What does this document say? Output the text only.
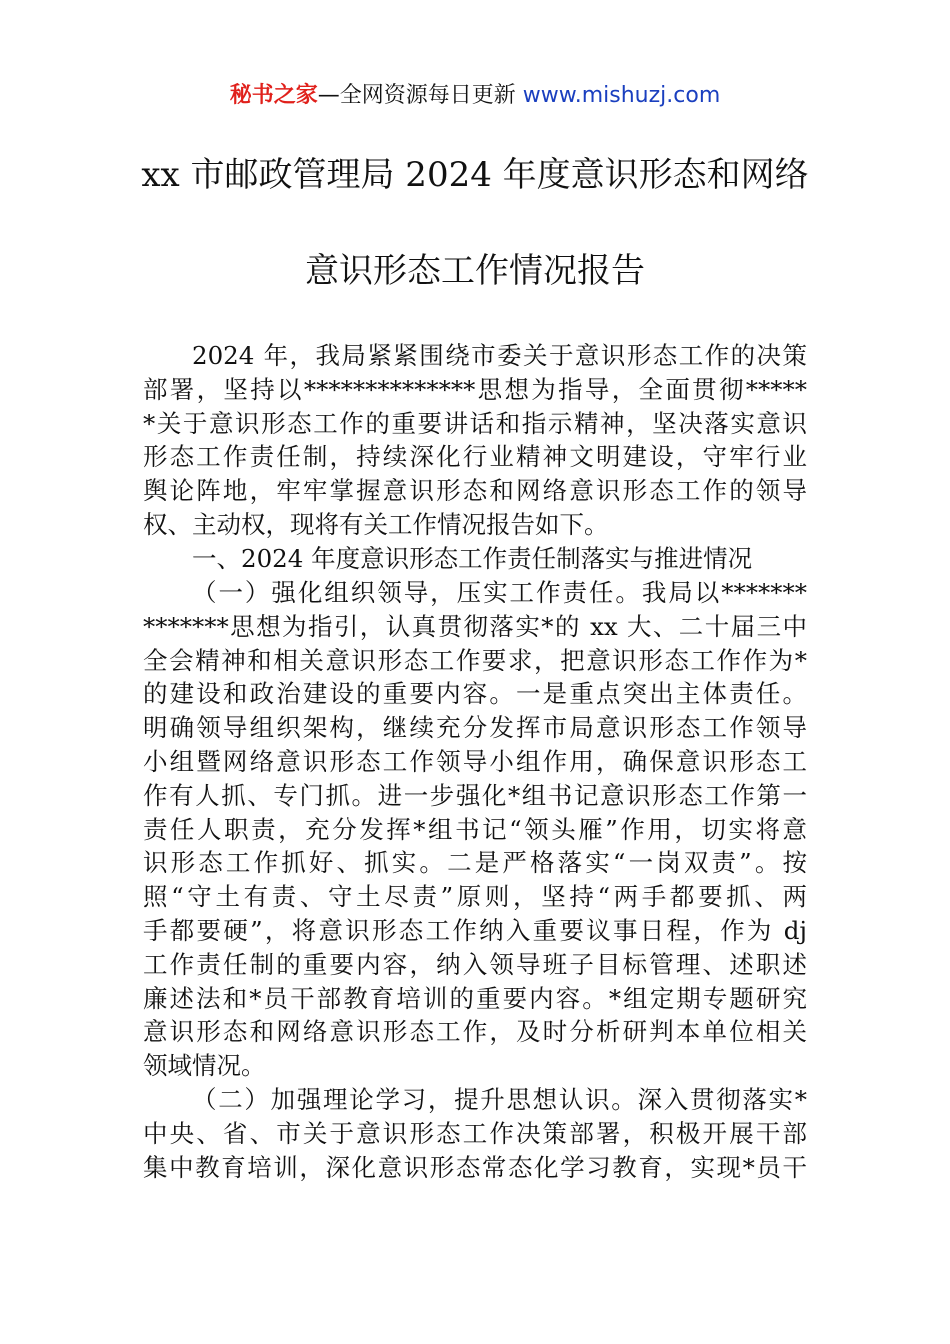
秘书之家—全网资源每日更新 www.mishuzj.com
xx 市邮政管理局 2024 年度意识形态和网络
意识形态工作情况报告
2024 年，我局紧紧围绕市委关于意识形态工作的决策
部署，坚持以**************思想为指导，全面贯彻*****
*关于意识形态工作的重要讲话和指示精神，坚决落实意识
形态工作责任制，持续深化行业精神文明建设，守牢行业
舆论阵地，牢牢掌握意识形态和网络意识形态工作的领导
权、主动权，现将有关工作情况报告如下。
一、2024 年度意识形态工作责任制落实与推进情况
（一）强化组织领导，压实工作责任。我局以*******
*******思想为指引，认真贯彻落实*的 xx 大、二十届三中
全会精神和相关意识形态工作要求，把意识形态工作作为*
的建设和政治建设的重要内容。一是重点突出主体责任。
明确领导组织架构，继续充分发挥市局意识形态工作领导
小组暨网络意识形态工作领导小组作用，确保意识形态工
作有人抓、专门抓。进一步强化*组书记意识形态工作第一
责任人职责，充分发挥*组书记“领头雁”作用，切实将意
识形态工作抓好、抓实。二是严格落实“一岗双责”。按
照“守土有责、守土尽责”原则，坚持“两手都要抓、两
手都要硬”，将意识形态工作纳入重要议事日程，作为 dj
工作责任制的重要内容，纳入领导班子目标管理、述职述
廉述法和*员干部教育培训的重要内容。*组定期专题研究
意识形态和网络意识形态工作，及时分析研判本单位相关
领域情况。
（二）加强理论学习，提升思想认识。深入贯彻落实*
中央、省、市关于意识形态工作决策部署，积极开展干部
集中教育培训，深化意识形态常态化学习教育，实现*员干
